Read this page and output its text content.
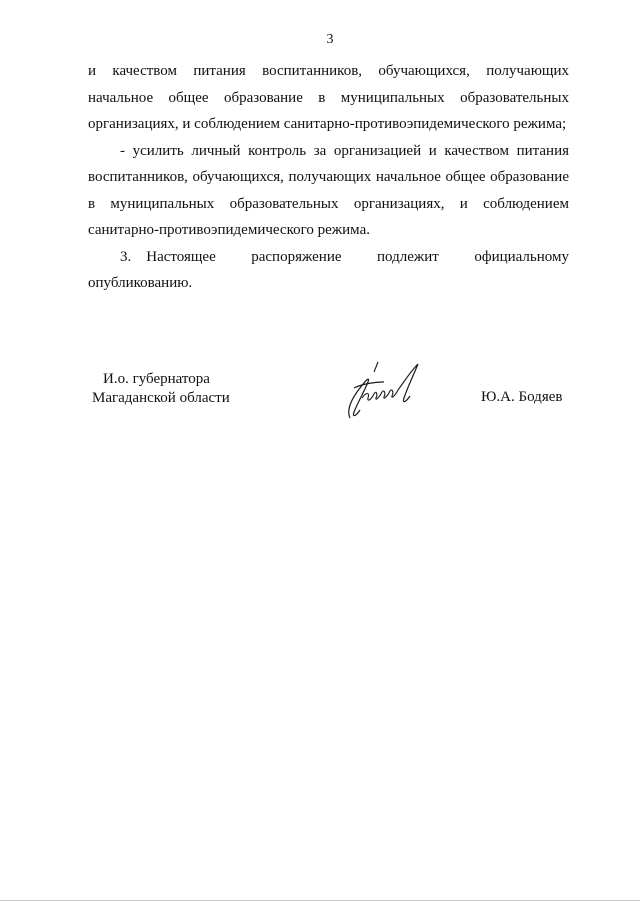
3

и качеством питания воспитанников, обучающихся, получающих начальное общее образование в муниципальных образовательных организациях, и соблюдением санитарно-противоэпидемического режима;

- усилить личный контроль за организацией и качеством питания воспитанников, обучающихся, получающих начальное общее образование в муниципальных образовательных организациях, и соблюдением санитарно-противоэпидемического режима.

3. Настоящее распоряжение подлежит официальному опубликованию.

И.о. губернатора
Магаданской области	Ю.А. Бодяев
